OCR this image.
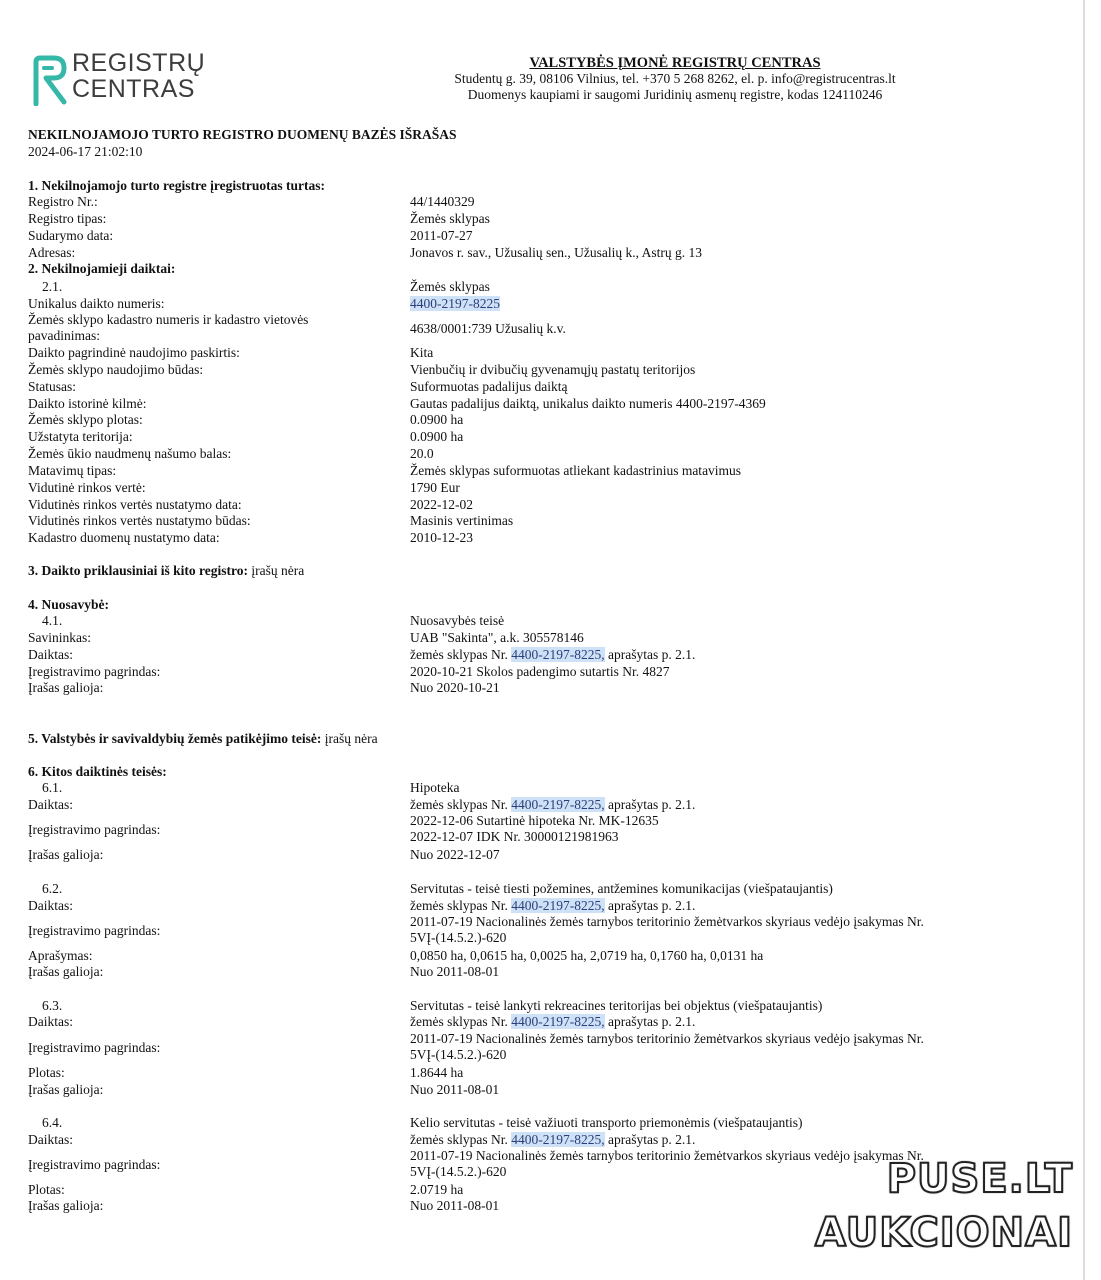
REGISTRŲ
CENTRAS
VALSTYBĖS ĮMONĖ REGISTRŲ CENTRAS
Studentų g. 39, 08106 Vilnius, tel. +370 5 268 8262, el. p. info@registrucentras.lt
Duomenys kaupiami ir saugomi Juridinių asmenų registre, kodas 124110246
NEKILNOJAMOJO TURTO REGISTRO DUOMENŲ BAZĖS IŠRAŠAS
2024-06-17 21:02:10
1. Nekilnojamojo turto registre įregistruotas turtas:
Registro Nr.:	44/1440329
Registro tipas:	Žemės sklypas
Sudarymo data:	2011-07-27
Adresas:	Jonavos r. sav., Užusalių sen., Užusalių k., Astrų g. 13
2. Nekilnojamieji daiktai:
2.1.	Žemės sklypas
Unikalus daikto numeris:	4400-2197-8225
Žemės sklypo kadastro numeris ir kadastro vietovės
pavadinimas:	4638/0001:739 Užusalių k.v.
Daikto pagrindinė naudojimo paskirtis:	Kita
Žemės sklypo naudojimo būdas:	Vienbučių ir dvibučių gyvenamųjų pastatų teritorijos
Statusas:	Suformuotas padalijus daiktą
Daikto istorinė kilmė:	Gautas padalijus daiktą, unikalus daikto numeris 4400-2197-4369
Žemės sklypo plotas:	0.0900 ha
Užstatyta teritorija:	0.0900 ha
Žemės ūkio naudmenų našumo balas:	20.0
Matavimų tipas:	Žemės sklypas suformuotas atliekant kadastrinius matavimus
Vidutinė rinkos vertė:	1790 Eur
Vidutinės rinkos vertės nustatymo data:	2022-12-02
Vidutinės rinkos vertės nustatymo būdas:	Masinis vertinimas
Kadastro duomenų nustatymo data:	2010-12-23
3. Daikto priklausiniai iš kito registro: įrašų nėra
4. Nuosavybė:
4.1.	Nuosavybės teisė
Savininkas:	UAB "Sakinta", a.k. 305578146
Daiktas:	žemės sklypas Nr. 4400-2197-8225, aprašytas p. 2.1.
Įregistravimo pagrindas:	2020-10-21 Skolos padengimo sutartis Nr. 4827
Įrašas galioja:	Nuo 2020-10-21
5. Valstybės ir savivaldybių žemės patikėjimo teisė: įrašų nėra
6. Kitos daiktinės teisės:
6.1.	Hipoteka
Daiktas:	žemės sklypas Nr. 4400-2197-8225, aprašytas p. 2.1.
Įregistravimo pagrindas:
2022-12-06 Sutartinė hipoteka Nr. MK-12635
2022-12-07 IDK Nr. 30000121981963
Įrašas galioja:	Nuo 2022-12-07
6.2.	Servitutas - teisė tiesti požemines, antžemines komunikacijas (viešpataujantis)
Daiktas:	žemės sklypas Nr. 4400-2197-8225, aprašytas p. 2.1.
Įregistravimo pagrindas:
2011-07-19 Nacionalinės žemės tarnybos teritorinio žemėtvarkos skyriaus vedėjo įsakymas Nr.
5VĮ-(14.5.2.)-620
Aprašymas:	0,0850 ha, 0,0615 ha, 0,0025 ha, 2,0719 ha, 0,1760 ha, 0,0131 ha
Įrašas galioja:	Nuo 2011-08-01
6.3.	Servitutas - teisė lankyti rekreacines teritorijas bei objektus (viešpataujantis)
Daiktas:	žemės sklypas Nr. 4400-2197-8225, aprašytas p. 2.1.
Įregistravimo pagrindas:
2011-07-19 Nacionalinės žemės tarnybos teritorinio žemėtvarkos skyriaus vedėjo įsakymas Nr.
5VĮ-(14.5.2.)-620
Plotas:	1.8644 ha
Įrašas galioja:	Nuo 2011-08-01
6.4.	Kelio servitutas - teisė važiuoti transporto priemonėmis (viešpataujantis)
Daiktas:	žemės sklypas Nr. 4400-2197-8225, aprašytas p. 2.1.
Įregistravimo pagrindas:
2011-07-19 Nacionalinės žemės tarnybos teritorinio žemėtvarkos skyriaus vedėjo įsakymas Nr.
5VĮ-(14.5.2.)-620
Plotas:	2.0719 ha
Įrašas galioja:	Nuo 2011-08-01
PUSE.LT
AUKCIONAI
